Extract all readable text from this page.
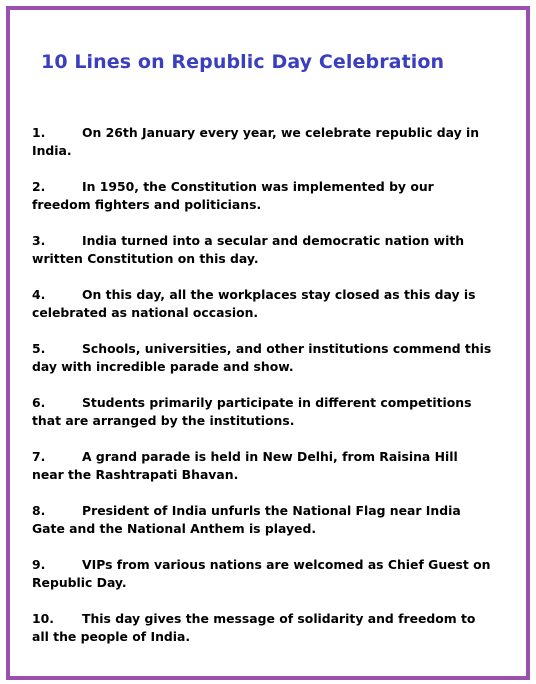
10 Lines on Republic Day Celebration
1.	On 26th January every year, we celebrate republic day in
India.
2.	In 1950, the Constitution was implemented by our
freedom fighters and politicians.
3.	India turned into a secular and democratic nation with
written Constitution on this day.
4.	On this day, all the workplaces stay closed as this day is
celebrated as national occasion.
5.	Schools, universities, and other institutions commend this
day with incredible parade and show.
6.	Students primarily participate in different competitions
that are arranged by the institutions.
7.	A grand parade is held in New Delhi, from Raisina Hill
near the Rashtrapati Bhavan.
8.	President of India unfurls the National Flag near India
Gate and the National Anthem is played.
9.	VIPs from various nations are welcomed as Chief Guest on
Republic Day.
10.	This day gives the message of solidarity and freedom to
all the people of India.
